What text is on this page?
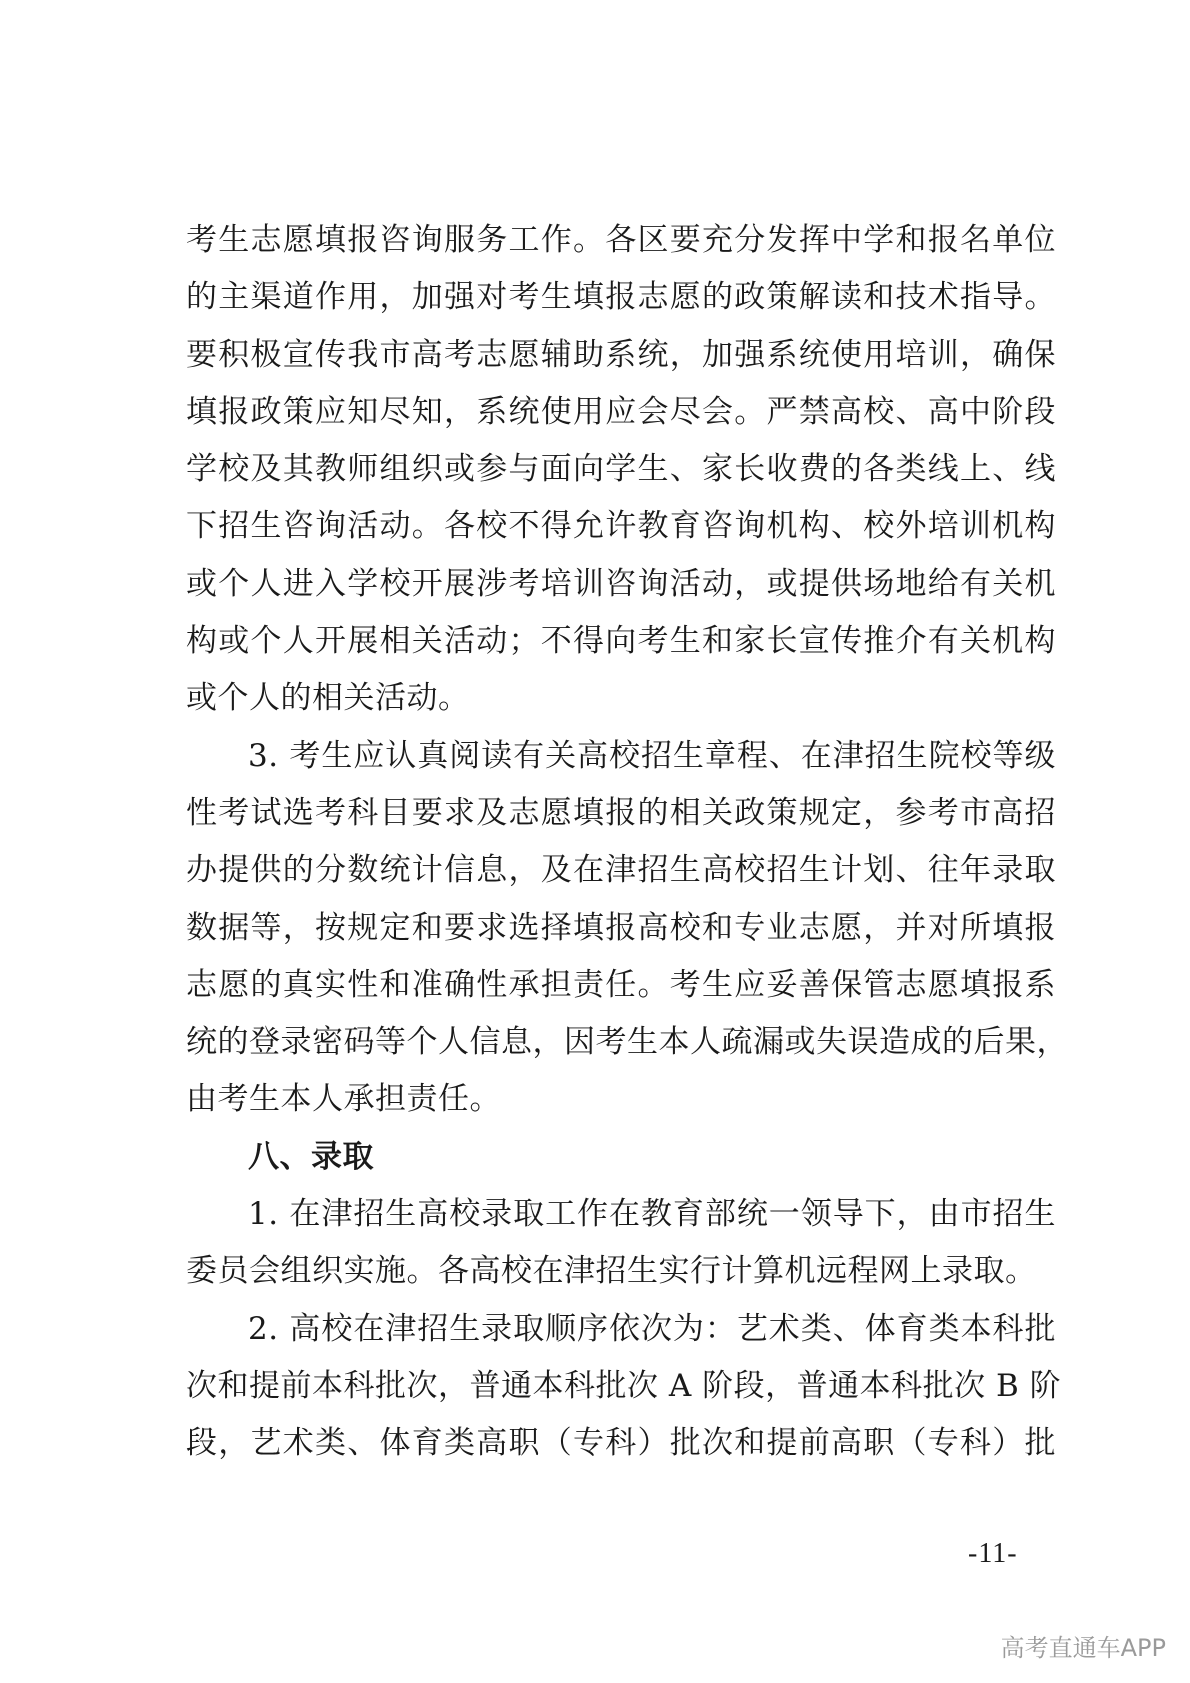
考生志愿填报咨询服务工作。各区要充分发挥中学和报名单位
的主渠道作用，加强对考生填报志愿的政策解读和技术指导。
要积极宣传我市高考志愿辅助系统，加强系统使用培训，确保
填报政策应知尽知，系统使用应会尽会。严禁高校、高中阶段
学校及其教师组织或参与面向学生、家长收费的各类线上、线
下招生咨询活动。各校不得允许教育咨询机构、校外培训机构
或个人进入学校开展涉考培训咨询活动，或提供场地给有关机
构或个人开展相关活动；不得向考生和家长宣传推介有关机构
或个人的相关活动。
3. 考生应认真阅读有关高校招生章程、在津招生院校等级
性考试选考科目要求及志愿填报的相关政策规定，参考市高招
办提供的分数统计信息，及在津招生高校招生计划、往年录取
数据等，按规定和要求选择填报高校和专业志愿，并对所填报
志愿的真实性和准确性承担责任。考生应妥善保管志愿填报系
统的登录密码等个人信息，因考生本人疏漏或失误造成的后果，
由考生本人承担责任。
八、录取
1. 在津招生高校录取工作在教育部统一领导下，由市招生
委员会组织实施。各高校在津招生实行计算机远程网上录取。
2. 高校在津招生录取顺序依次为：艺术类、体育类本科批
次和提前本科批次，普通本科批次 A 阶段，普通本科批次 B 阶
段，艺术类、体育类高职（专科）批次和提前高职（专科）批
-11-
高考直通车APP
